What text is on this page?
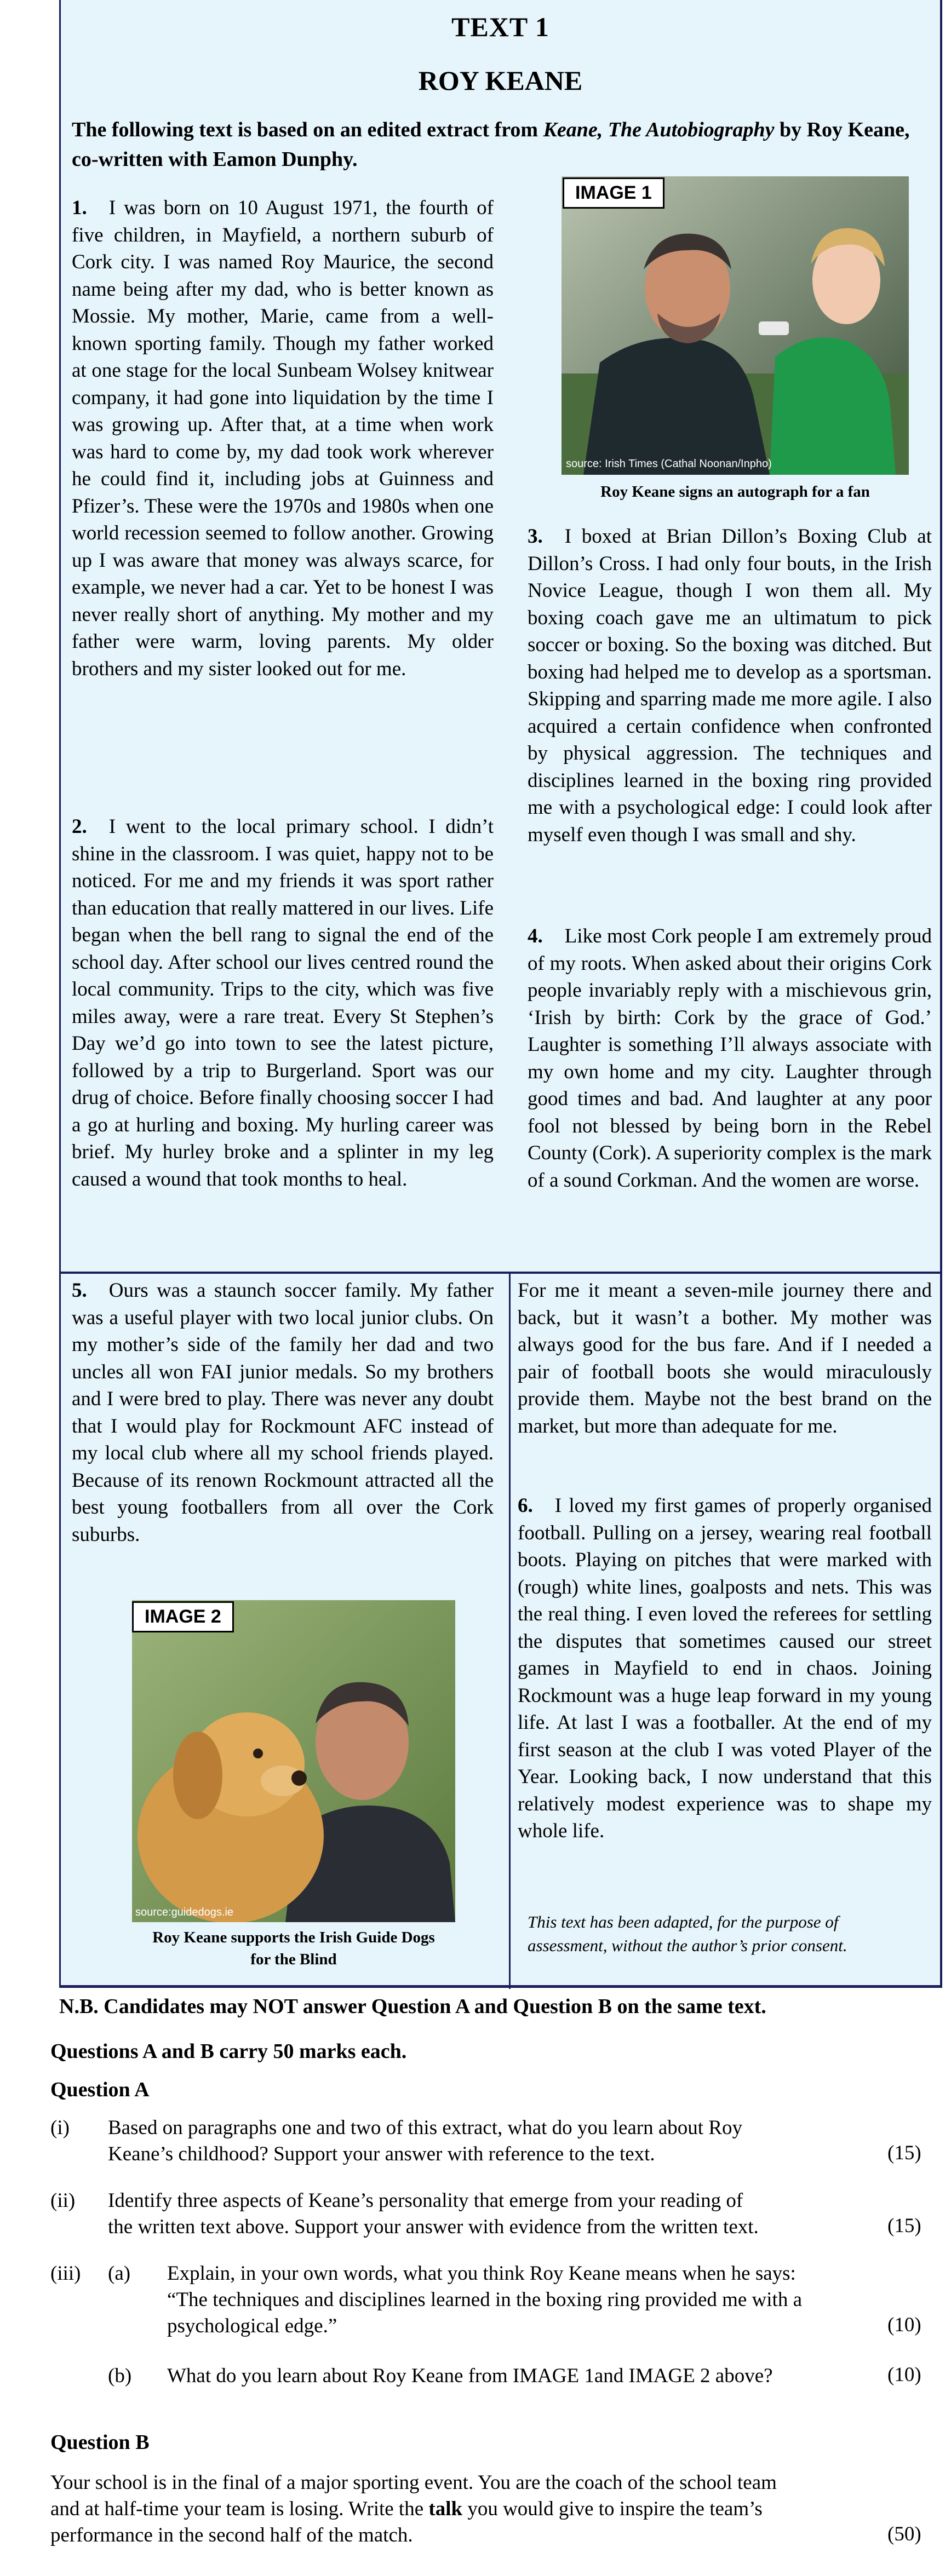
TEXT 1
ROY KEANE
The following text is based on an edited extract from Keane, The Autobiography by Roy Keane, co-written with Eamon Dunphy.
1. I was born on 10 August 1971, the fourth of five children, in Mayfield, a northern suburb of Cork city. I was named Roy Maurice, the second name being after my dad, who is better known as Mossie. My mother, Marie, came from a well-known sporting family. Though my father worked at one stage for the local Sunbeam Wolsey knitwear company, it had gone into liquidation by the time I was growing up. After that, at a time when work was hard to come by, my dad took work wherever he could find it, including jobs at Guinness and Pfizer’s. These were the 1970s and 1980s when one world recession seemed to follow another. Growing up I was aware that money was always scarce, for example, we never had a car. Yet to be honest I was never really short of anything. My mother and my father were warm, loving parents. My older brothers and my sister looked out for me.
2. I went to the local primary school. I didn’t shine in the classroom. I was quiet, happy not to be noticed. For me and my friends it was sport rather than education that really mattered in our lives. Life began when the bell rang to signal the end of the school day. After school our lives centred round the local community. Trips to the city, which was five miles away, were a rare treat. Every St Stephen’s Day we’d go into town to see the latest picture, followed by a trip to Burgerland. Sport was our drug of choice. Before finally choosing soccer I had a go at hurling and boxing. My hurling career was brief. My hurley broke and a splinter in my leg caused a wound that took months to heal.
IMAGE 1
source: Irish Times (Cathal Noonan/Inpho)
Roy Keane signs an autograph for a fan
3. I boxed at Brian Dillon’s Boxing Club at Dillon’s Cross. I had only four bouts, in the Irish Novice League, though I won them all. My boxing coach gave me an ultimatum to pick soccer or boxing. So the boxing was ditched. But boxing had helped me to develop as a sportsman. Skipping and sparring made me more agile. I also acquired a certain confidence when confronted by physical aggression. The techniques and disciplines learned in the boxing ring provided me with a psychological edge: I could look after myself even though I was small and shy.
4. Like most Cork people I am extremely proud of my roots. When asked about their origins Cork people invariably reply with a mischievous grin, ‘Irish by birth: Cork by the grace of God.’ Laughter is something I’ll always associate with my own home and my city. Laughter through good times and bad. And laughter at any poor fool not blessed by being born in the Rebel County (Cork). A superiority complex is the mark of a sound Corkman. And the women are worse.
5. Ours was a staunch soccer family. My father was a useful player with two local junior clubs. On my mother’s side of the family her dad and two uncles all won FAI junior medals. So my brothers and I were bred to play. There was never any doubt that I would play for Rockmount AFC instead of my local club where all my school friends played. Because of its renown Rockmount attracted all the best young footballers from all over the Cork suburbs.
IMAGE 2
source:guidedogs.ie
Roy Keane supports the Irish Guide Dogs
for the Blind
For me it meant a seven-mile journey there and back, but it wasn’t a bother. My mother was always good for the bus fare. And if I needed a pair of football boots she would miraculously provide them. Maybe not the best brand on the market, but more than adequate for me.
6. I loved my first games of properly organised football. Pulling on a jersey, wearing real football boots. Playing on pitches that were marked with (rough) white lines, goalposts and nets. This was the real thing. I even loved the referees for settling the disputes that sometimes caused our street games in Mayfield to end in chaos. Joining Rockmount was a huge leap forward in my young life. At last I was a footballer. At the end of my first season at the club I was voted Player of the Year. Looking back, I now understand that this relatively modest experience was to shape my whole life.
This text has been adapted, for the purpose of
assessment, without the author’s prior consent.
N.B. Candidates may NOT answer Question A and Question B on the same text.
Questions A and B carry 50 marks each.
Question A
(i) Based on paragraphs one and two of this extract, what do you learn about Roy
Keane’s childhood? Support your answer with reference to the text.	(15)
(ii) Identify three aspects of Keane’s personality that emerge from your reading of
the written text above. Support your answer with evidence from the written text.	(15)
(iii) (a) Explain, in your own words, what you think Roy Keane means when he says:
“The techniques and disciplines learned in the boxing ring provided me with a
psychological edge.”	(10)
(b) What do you learn about Roy Keane from IMAGE 1and IMAGE 2 above?	(10)
Question B
Your school is in the final of a major sporting event. You are the coach of the school team
and at half-time your team is losing. Write the talk you would give to inspire the team’s
performance in the second half of the match.	(50)
